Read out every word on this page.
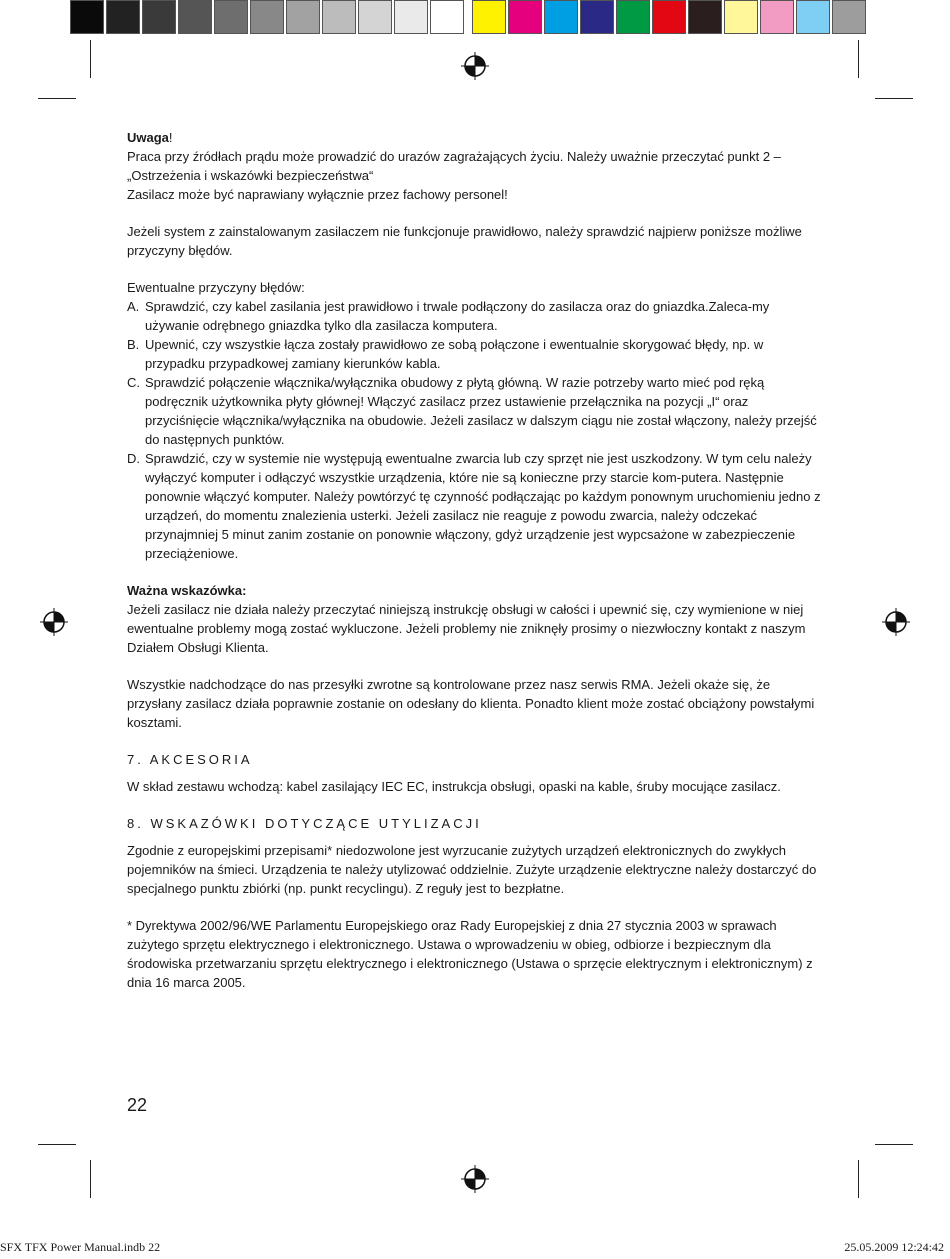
Uwaga!

Praca przy źródłach prądu może prowadzić do urazów zagrażających życiu. Należy uważnie przeczytać punkt 2 – „Ostrzeżenia i wskazówki bezpieczeństwa“

Zasilacz może być naprawiany wyłącznie przez fachowy personel!

Jeżeli system z zainstalowanym zasilaczem nie funkcjonuje prawidłowo, należy sprawdzić najpierw poniższe możliwe przyczyny błędów.

Ewentualne przyczyny błędów:

A. Sprawdzić, czy kabel zasilania jest prawidłowo i trwale podłączony do zasilacza oraz do gniazdka.Zaleca-my używanie odrębnego gniazdka tylko dla zasilacza komputera.
B. Upewnić, czy wszystkie łącza zostały prawidłowo ze sobą połączone i ewentualnie skorygować błędy, np. w przypadku przypadkowej zamiany kierunków kabla.
C. Sprawdzić połączenie włącznika/wyłącznika obudowy z płytą główną. W razie potrzeby warto mieć pod ręką podręcznik użytkownika płyty głównej! Włączyć zasilacz przez ustawienie przełącznika na pozycji „I“ oraz przyciśnięcie włącznika/wyłącznika na obudowie. Jeżeli zasilacz w dalszym ciągu nie został włączony, należy przejść do następnych punktów.
D. Sprawdzić, czy w systemie nie występują ewentualne zwarcia lub czy sprzęt nie jest uszkodzony. W tym celu należy wyłączyć komputer i odłączyć wszystkie urządzenia, które nie są konieczne przy starcie kom-putera. Następnie ponownie włączyć komputer. Należy powtórzyć tę czynność podłączając po każdym ponownym uruchomieniu jedno z urządzeń, do momentu znalezienia usterki. Jeżeli zasilacz nie reaguje z powodu zwarcia, należy odczekać przynajmniej 5 minut zanim zostanie on ponownie włączony, gdyż urządzenie jest wypcsażone w zabezpieczenie przeciążeniowe.

Ważna wskazówka:

Jeżeli zasilacz nie działa należy przeczytać niniejszą instrukcję obsługi w całości i upewnić się, czy wymienione w niej ewentualne problemy mogą zostać wykluczone. Jeżeli problemy nie zniknęły prosimy o niezwłoczny kontakt z naszym Działem Obsługi Klienta.

Wszystkie nadchodzące do nas przesyłki zwrotne są kontrolowane przez nasz serwis RMA. Jeżeli okaże się, że przysłany zasilacz działa poprawnie zostanie on odesłany do klienta. Ponadto klient może zostać obciążony powstałymi kosztami.

7. AKCESORIA

W skład zestawu wchodzą: kabel zasilający IEC EC, instrukcja obsługi, opaski na kable, śruby mocujące zasilacz.

8. WSKAZÓWKI DOTYCZĄCE UTYLIZACJI

Zgodnie z europejskimi przepisami* niedozwolone jest wyrzucanie zużytych urządzeń elektronicznych do zwykłych pojemników na śmieci. Urządzenia te należy utylizować oddzielnie. Zużyte urządzenie elektryczne należy dostarczyć do specjalnego punktu zbiórki (np. punkt recyclingu). Z reguły jest to bezpłatne.

* Dyrektywa 2002/96/WE Parlamentu Europejskiego oraz Rady Europejskiej z dnia 27 stycznia 2003 w sprawach zużytego sprzętu elektrycznego i elektronicznego. Ustawa o wprowadzeniu w obieg, odbiorze i bezpiecznym dla środowiska przetwarzaniu sprzętu elektrycznego i elektronicznego (Ustawa o sprzęcie elektrycznym i elektronicznym) z dnia 16 marca 2005.

22
SFX TFX Power Manual.indb 22	25.05.2009 12:24:42
